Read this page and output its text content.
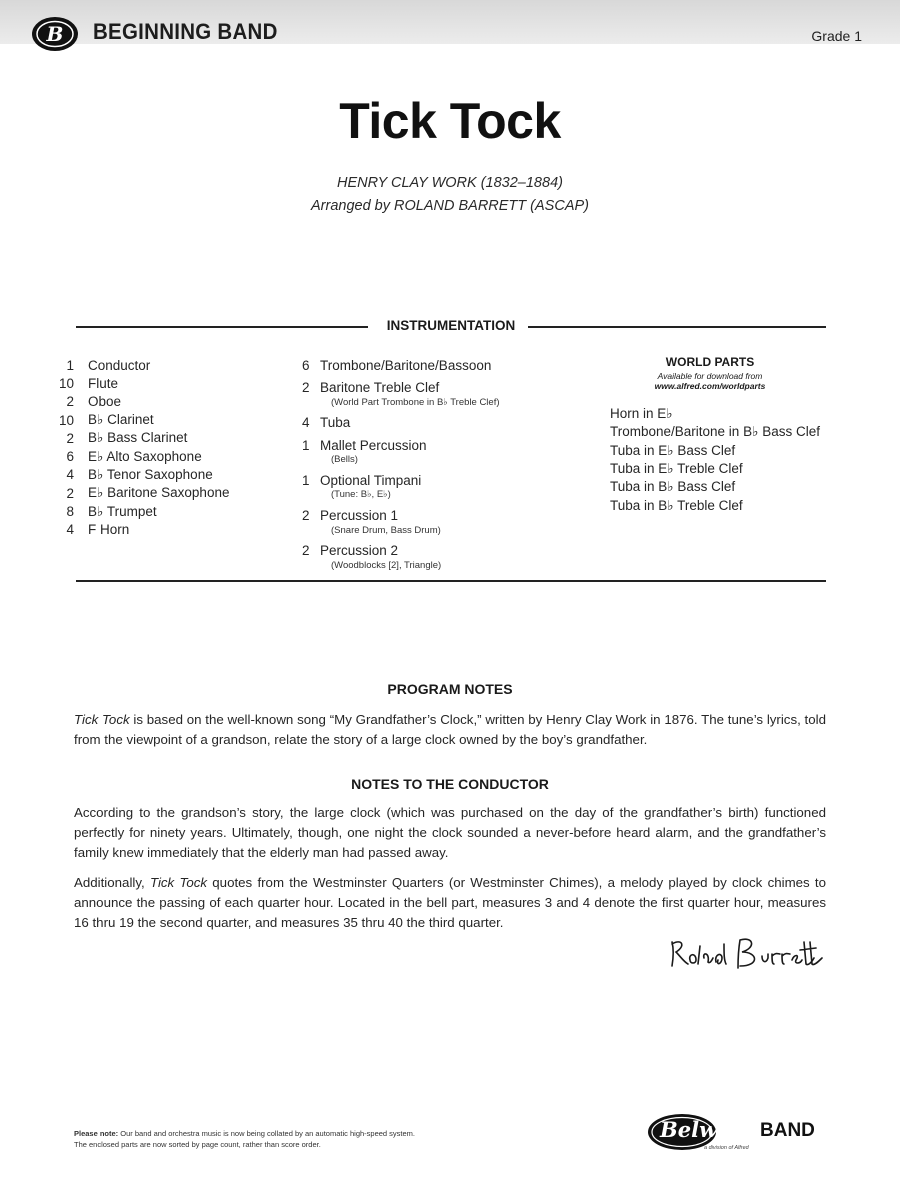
B BEGINNING BAND	Grade 1
Tick Tock
HENRY CLAY WORK (1832–1884)
Arranged by ROLAND BARRETT (ASCAP)
INSTRUMENTATION
1	Conductor
10	Flute
2	Oboe
10	B♭ Clarinet
2	B♭ Bass Clarinet
6	E♭ Alto Saxophone
4	B♭ Tenor Saxophone
2	E♭ Baritone Saxophone
8	B♭ Trumpet
4	F Horn
6 Trombone/Baritone/Bassoon
2 Baritone Treble Clef
(World Part Trombone in B♭ Treble Clef)
4 Tuba
1 Mallet Percussion
(Bells)
1 Optional Timpani
(Tune: B♭, E♭)
2 Percussion 1
(Snare Drum, Bass Drum)
2 Percussion 2
(Woodblocks [2], Triangle)
WORLD PARTS
Available for download from
www.alfred.com/worldparts
Horn in E♭
Trombone/Baritone in B♭ Bass Clef
Tuba in E♭ Bass Clef
Tuba in E♭ Treble Clef
Tuba in B♭ Bass Clef
Tuba in B♭ Treble Clef
PROGRAM NOTES
Tick Tock is based on the well-known song “My Grandfather’s Clock,” written by Henry Clay Work in 1876. The tune’s lyrics, told from the viewpoint of a grandson, relate the story of a large clock owned by the boy’s grandfather.
NOTES TO THE CONDUCTOR
According to the grandson’s story, the large clock (which was purchased on the day of the grandfather’s birth) functioned perfectly for ninety years. Ultimately, though, one night the clock sounded a never-before heard alarm, and the grandfather’s family knew immediately that the elderly man had passed away.
Additionally, Tick Tock quotes from the Westminster Quarters (or Westminster Chimes), a melody played by clock chimes to announce the passing of each quarter hour. Located in the bell part, measures 3 and 4 denote the first quarter hour, measures 16 thru 19 the second quarter, and measures 35 thru 40 the third quarter.
Please note: Our band and orchestra music is now being collated by an automatic high-speed system.
The enclosed parts are now sorted by page count, rather than score order.
Belwin BAND
a division of Alfred
